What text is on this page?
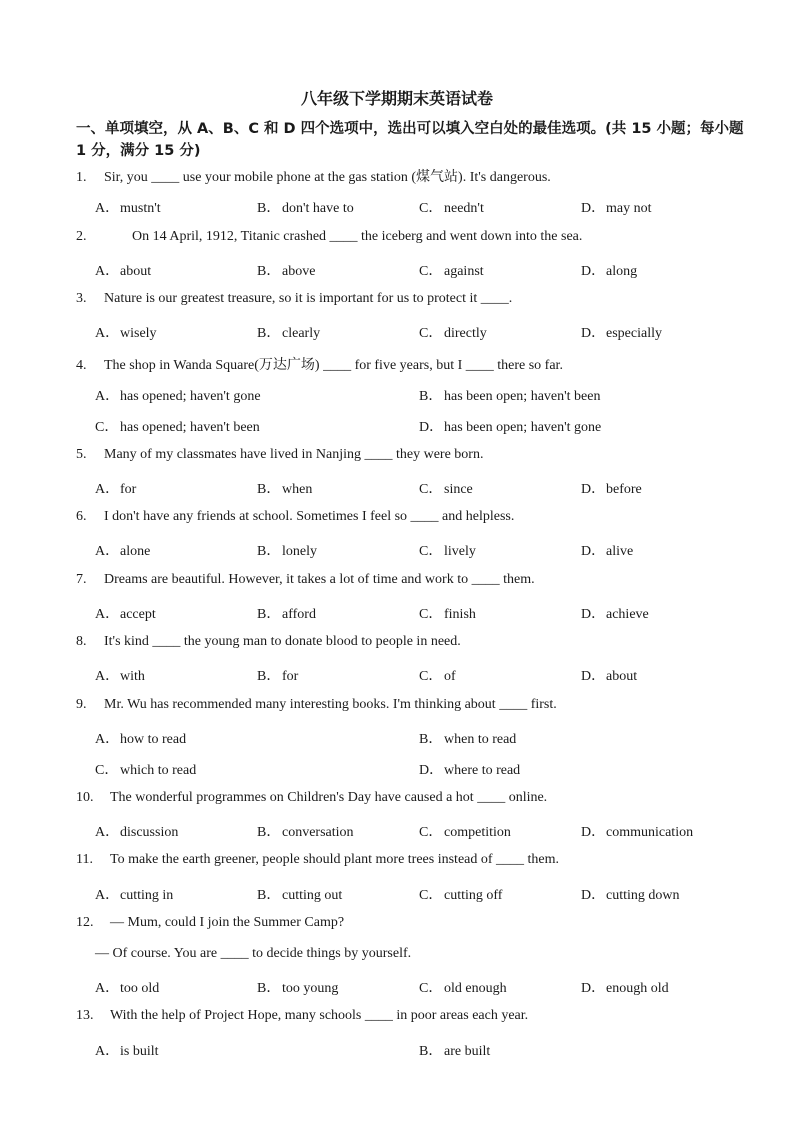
八年级下学期期末英语试卷
一、单项填空，从 A、B、C 和 D 四个选项中，选出可以填入空白处的最佳选项。(共 15 小题；每小题 1 分，满分 15 分)
1. Sir, you ____ use your mobile phone at the gas station (煤气站). It's dangerous.
A．mustn't	B． don't have to	C． needn't	D．may not
2.	On 14 April, 1912, Titanic crashed ____ the iceberg and went down into the sea.
A．about	B． above	C． against	D．along
3. Nature is our greatest treasure, so it is important for us to protect it ____.
A．wisely	B． clearly	C． directly	D．especially
4. The shop in Wanda Square(万达广场) ____ for five years, but I ____ there so far.
A．has opened; haven't gone	B． has been open; haven't been
C． has opened; haven't been	D．has been open; haven't gone
5. Many of my classmates have lived in Nanjing ____ they were born.
A．for	B． when	C． since	D．before
6. I don't have any friends at school. Sometimes I feel so ____ and helpless.
A．alone	B． lonely	C． lively	D．alive
7. Dreams are beautiful. However, it takes a lot of time and work to ____ them.
A．accept	B． afford	C． finish	D．achieve
8. It's kind ____ the young man to donate blood to people in need.
A．with	B． for	C． of	D．about
9. Mr. Wu has recommended many interesting books. I'm thinking about ____ first.
A．how to read	B． when to read
C． which to read	D．where to read
10. The wonderful programmes on Children's Day have caused a hot ____ online.
A．discussion	B． conversation	C． competition	D．communication
11. To make the earth greener, people should plant more trees instead of ____ them.
A．cutting in	B． cutting out	C． cutting off	D．cutting down
12. — Mum, could I join the Summer Camp?
— Of course. You are ____ to decide things by yourself.
A．too old	B． too young	C． old enough	D．enough old
13. With the help of Project Hope, many schools ____ in poor areas each year.
A．is built	B． are built
